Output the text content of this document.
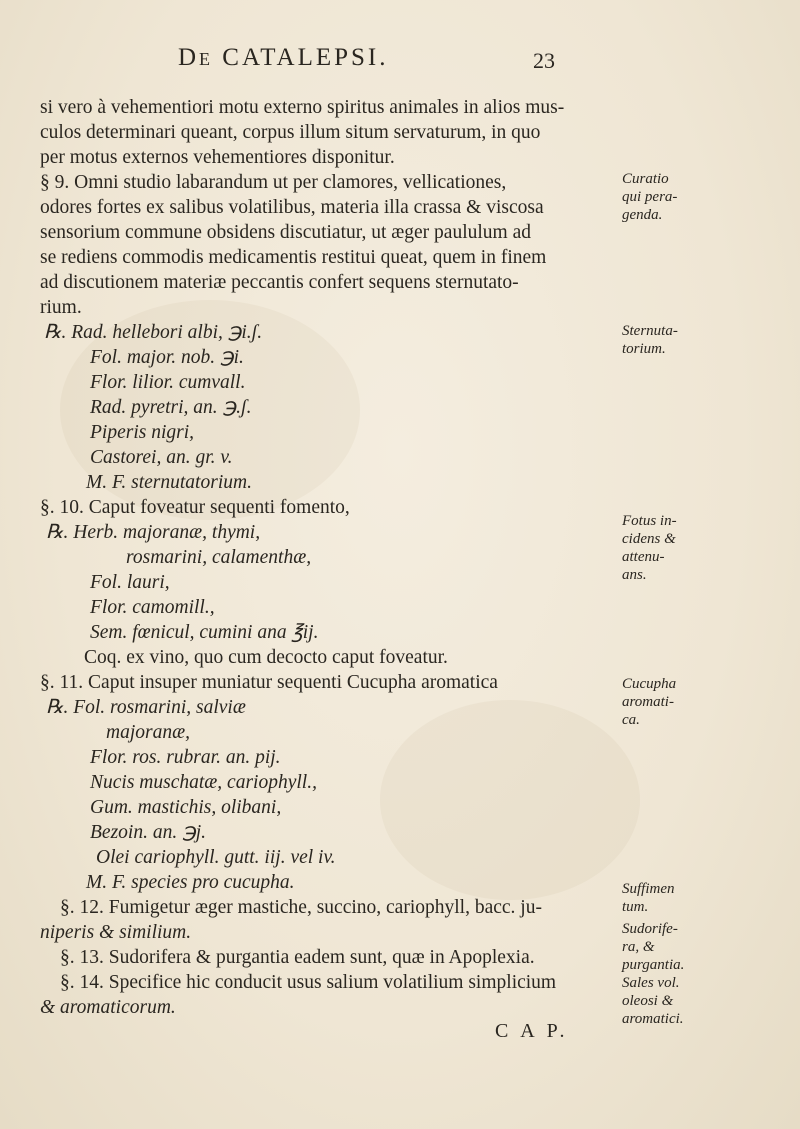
De CATALEPSI.	23
si vero à vehementiori motu externo spiritus animales in alios mus-
culos determinari queant, corpus illum situm servaturum, in quo
per motus externos vehementiores disponitur.
§ 9. Omni studio labarandum ut per clamores, vellicationes,
odores fortes ex salibus volatilibus, materia illa crassa & viscosa
sensorium commune obsidens discutiatur, ut æger paululum ad
se rediens commodis medicamentis restitui queat, quem in finem
ad discutionem materiæ peccantis confert sequens sternutato-
rium.
℞. Rad. hellebori albi, ℈i.ʃ.
Fol. major. nob. ℈i.
Flor. lilior. cumvall.
Rad. pyretri, an. ℈.ʃ.
Piperis nigri,
Castorei, an. gr. v.
M. F. sternutatorium.
§. 10. Caput foveatur sequenti fomento,
℞. Herb. majoranæ, thymi,
rosmarini, calamenthæ,
Fol. lauri,
Flor. camomill.,
Sem. fœnicul, cumini ana ℥ij.
Coq. ex vino, quo cum decocto caput foveatur.
§. 11. Caput insuper muniatur sequenti Cucupha aromatica
℞. Fol. rosmarini, salviæ
majoranæ,
Flor. ros. rubrar. an. pij.
Nucis muschatæ, cariophyll.,
Gum. mastichis, olibani,
Bezoin. an. ℈j.
Olei cariophyll. gutt. iij. vel iv.
M. F. species pro cucupha.
§. 12. Fumigetur æger mastiche, succino, cariophyll, bacc. ju-
niperis & similium.
§. 13. Sudorifera & purgantia eadem sunt, quæ in Apoplexia.
§. 14. Specifice hic conducit usus salium volatilium simplicium
& aromaticorum.
C A P.
Curatio
qui pera-
genda.
Sternuta-
torium.
Fotus in-
cidens &
attenu-
ans.
Cucupha
aromati-
ca.
Suffimen
tum.
Sudorife-
ra, &
purgantia.
Sales vol.
oleosi &
aromatici.
